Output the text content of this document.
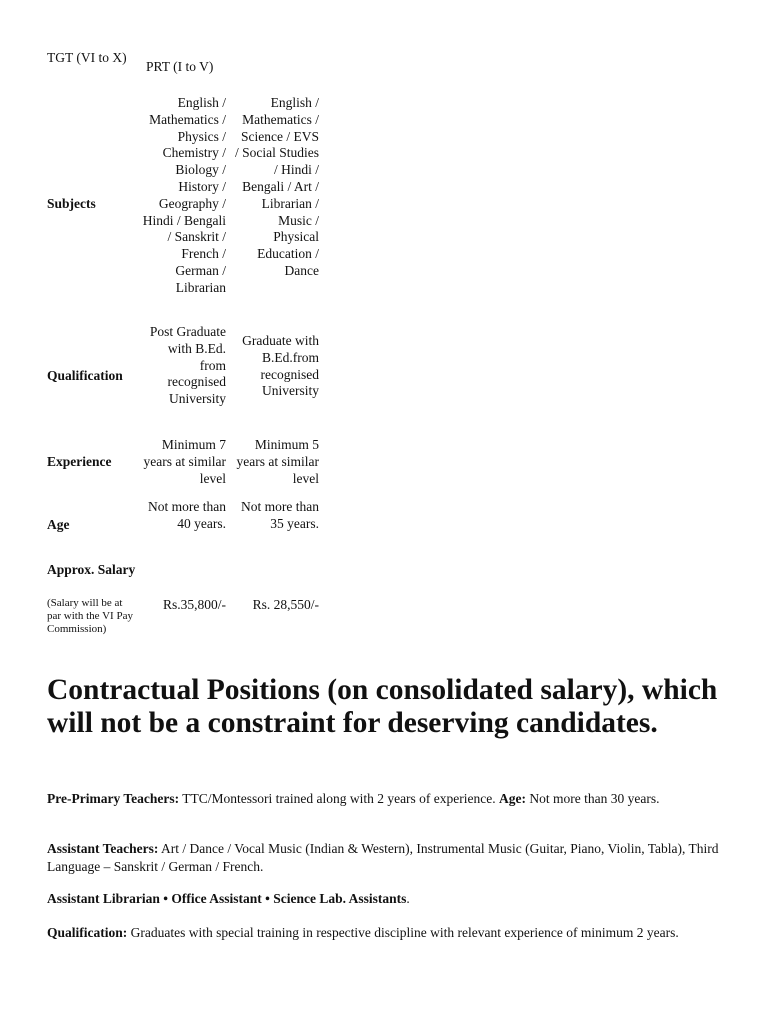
TGT (VI to X)
PRT (I to V)
Subjects
English / Mathematics / Physics / Chemistry / Biology / History / Geography / Hindi / Bengali / Sanskrit / French / German / Librarian
English / Mathematics / Science / EVS / Social Studies / Hindi / Bengali / Art / Librarian / Music / Physical Education / Dance
Qualification
Post Graduate with B.Ed. from recognised University
Graduate with B.Ed.from recognised University
Experience
Minimum 7 years at similar level
Minimum 5 years at similar level
Age
Not more than 40 years.
Not more than 35 years.
Approx. Salary
(Salary will be at par with the VI Pay Commission)
Rs.35,800/-	Rs. 28,550/-
Contractual Positions (on consolidated salary), which will not be a constraint for deserving candidates.

Pre-Primary Teachers: TTC/Montessori trained along with 2 years of experience. Age: Not more than 30 years.

Assistant Teachers: Art / Dance / Vocal Music (Indian & Western), Instrumental Music (Guitar, Piano, Violin, Tabla), Third Language – Sanskrit / German / French.

Assistant Librarian • Office Assistant • Science Lab. Assistants.

Qualification: Graduates with special training in respective discipline with relevant experience of minimum 2 years.
